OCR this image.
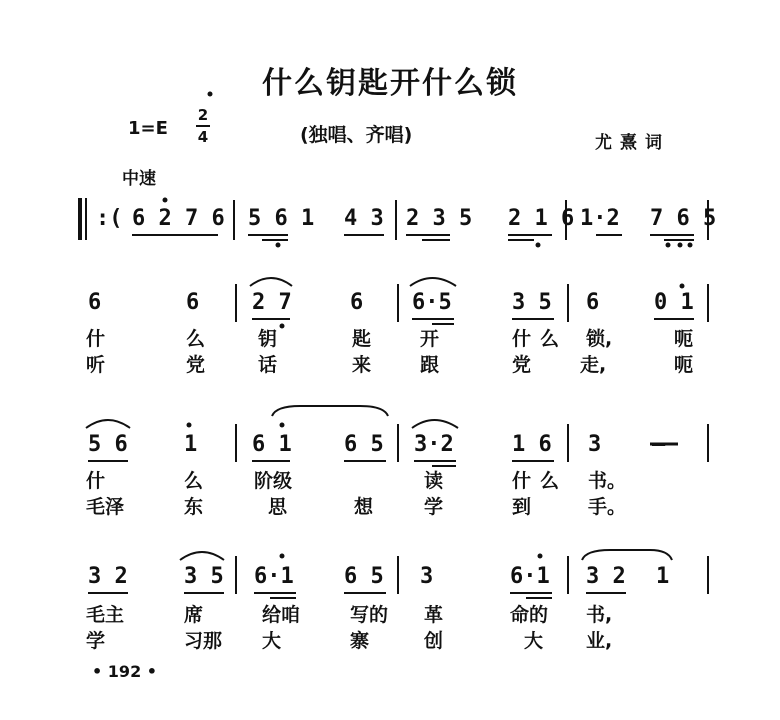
什么钥匙开什么锁
1=E
2
4	(独唱、齐唱)	尤熹词
中速
:( 6 2 7 6 5 6 1 4 3 2 3 5 2 1 6 1·2 7 6 5
6	6 2 7	6 6·5	3 5 6 0 1
什	么	钥	匙	开	什 么 锁,	呃
听	党	话	来	跟	党	走,	呃
5 6	1 6 1 6 5 3·2	1 6 3 —
什	么	阶级	读	什 么 书。
毛泽	东	思	想	学	到	手。
3 2	3 5 6·1 6 5 3	6·1 3 2 1
毛主	席	给咱	写的 革	命的 书,
学	习那 大	寨	创	大 业,
• 192 •
